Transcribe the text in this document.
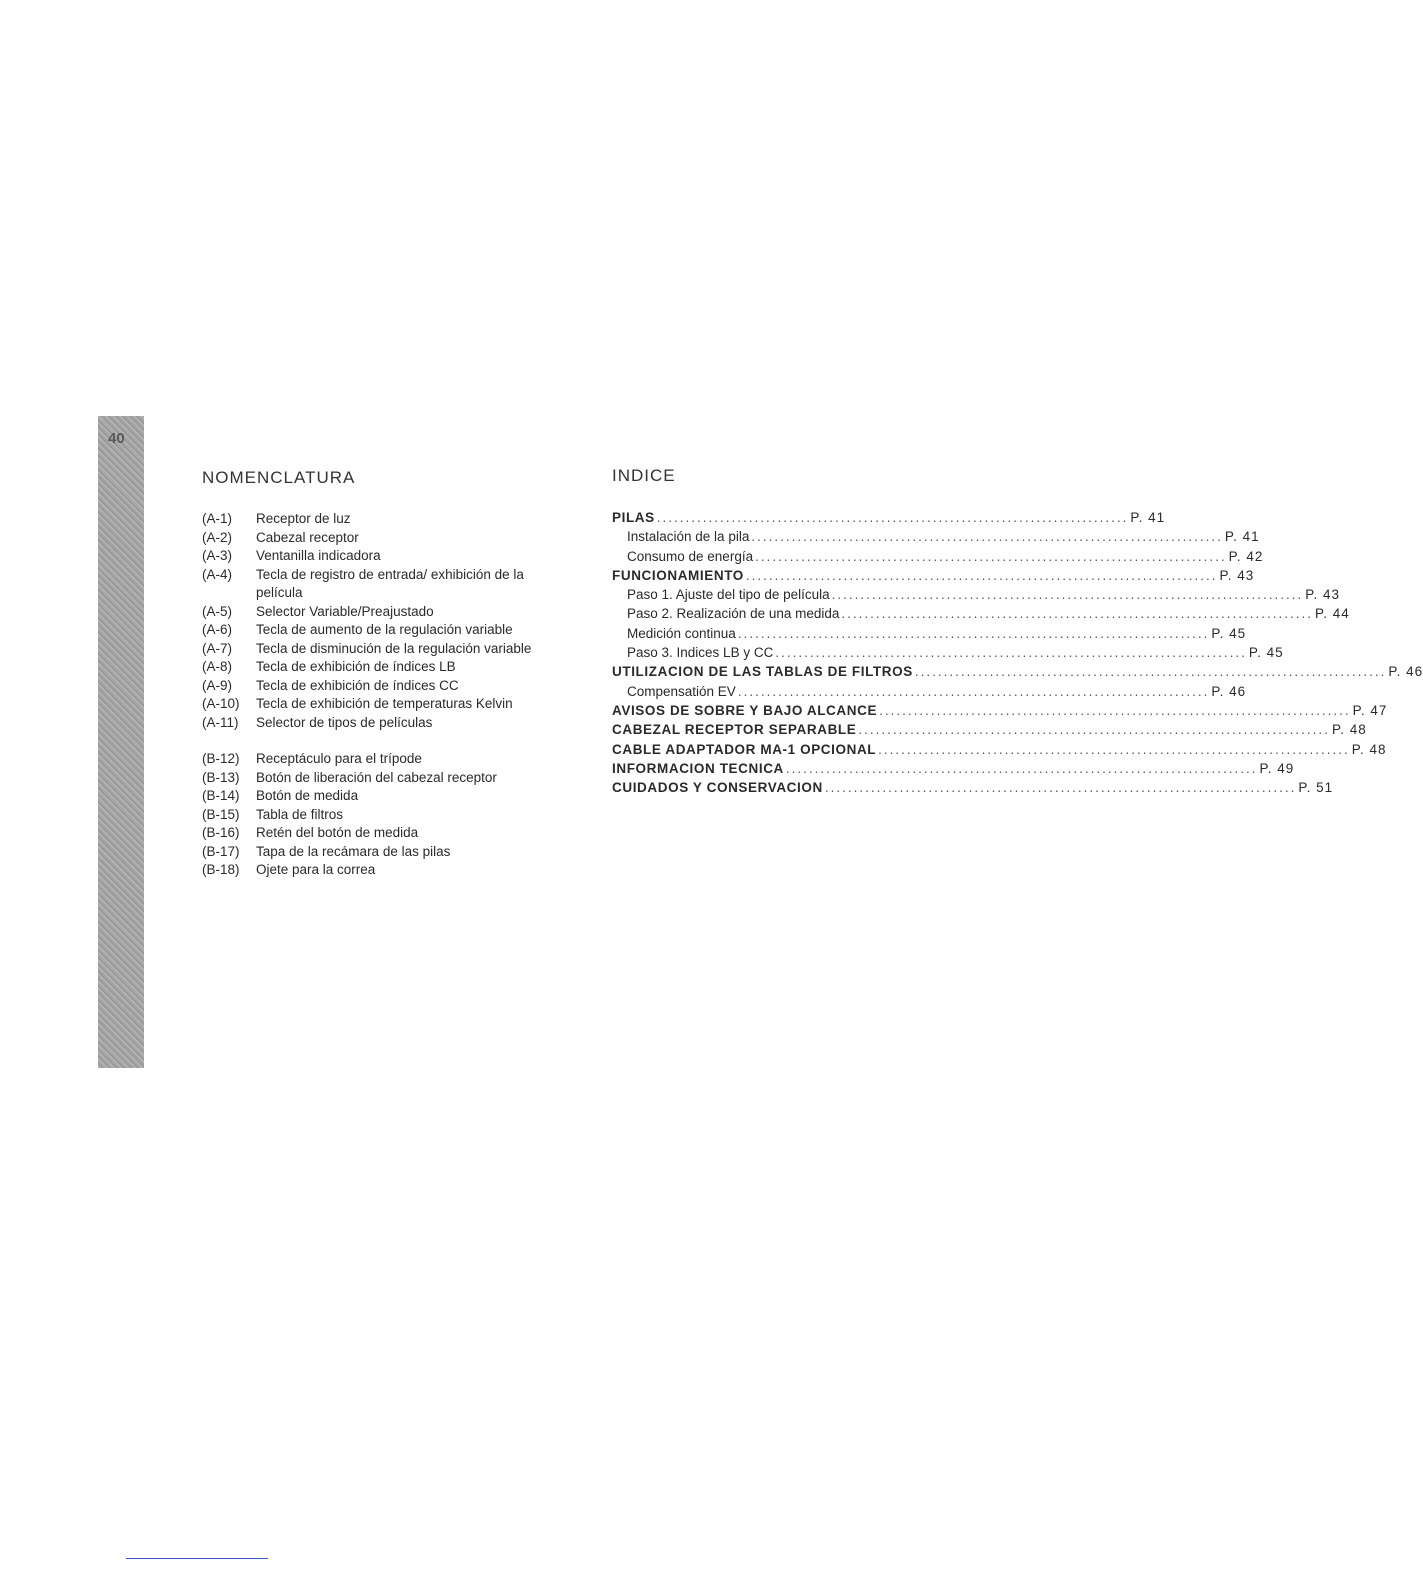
40
NOMENCLATURA
(A-1)	Receptor de luz
(A-2)	Cabezal receptor
(A-3)	Ventanilla indicadora
(A-4)	Tecla de registro de entrada/ exhibición de la película
(A-5)	Selector Variable/Preajustado
(A-6)	Tecla de aumento de la regulación variable
(A-7)	Tecla de disminución de la regulación variable
(A-8)	Tecla de exhibición de índices LB
(A-9)	Tecla de exhibición de índices CC
(A-10)	Tecla de exhibición de temperaturas Kelvin
(A-11)	Selector de tipos de películas
(B-12)	Receptáculo para el trípode
(B-13)	Botón de liberación del cabezal receptor
(B-14)	Botón de medida
(B-15)	Tabla de filtros
(B-16)	Retén del botón de medida
(B-17)	Tapa de la recámara de las pilas
(B-18)	Ojete para la correa
INDICE
PILAS .................................................................................. P. 41
Instalación de la pila .................................................................................. P. 41
Consumo de energía .................................................................................. P. 42
FUNCIONAMIENTO .................................................................................. P. 43
Paso 1. Ajuste del tipo de película .................................................................................. P. 43
Paso 2. Realización de una medida .................................................................................. P. 44
Medición continua .................................................................................. P. 45
Paso 3. Indices LB y CC .................................................................................. P. 45
UTILIZACION DE LAS TABLAS DE FILTROS .................................................................................. P. 46
Compensatión EV .................................................................................. P. 46
AVISOS DE SOBRE Y BAJO ALCANCE .................................................................................. P. 47
CABEZAL RECEPTOR SEPARABLE .................................................................................. P. 48
CABLE ADAPTADOR MA-1 OPCIONAL .................................................................................. P. 48
INFORMACION TECNICA .................................................................................. P. 49
CUIDADOS Y CONSERVACION .................................................................................. P. 51
